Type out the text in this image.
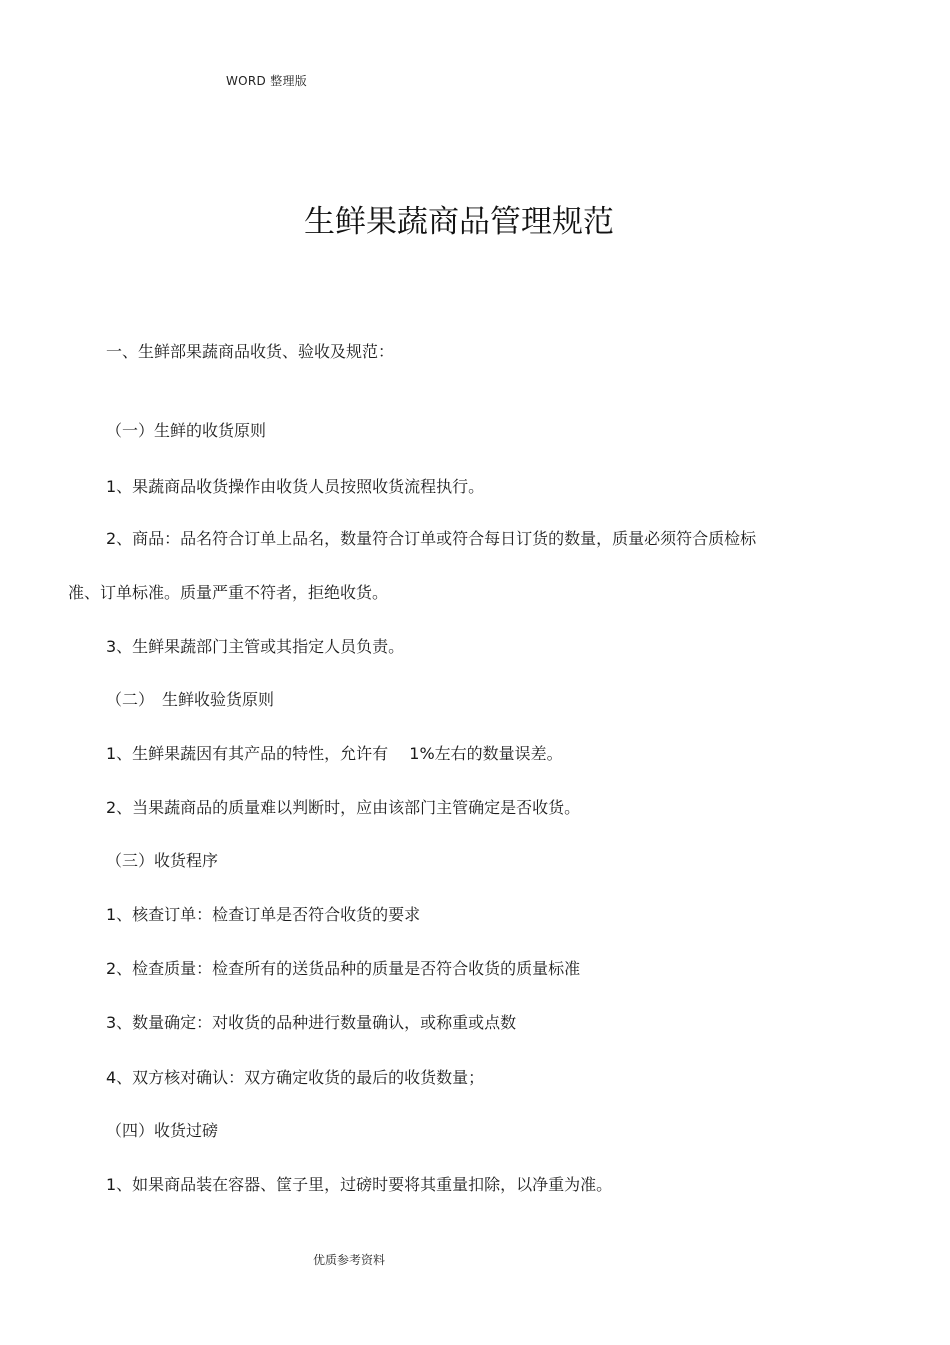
WORD 整理版
生鲜果蔬商品管理规范
一、生鲜部果蔬商品收货、验收及规范：
（一）生鲜的收货原则
1、果蔬商品收货操作由收货人员按照收货流程执行。
2、商品：品名符合订单上品名，数量符合订单或符合每日订货的数量，质量必须符合质检标
准、订单标准。质量严重不符者，拒绝收货。
3、生鲜果蔬部门主管或其指定人员负责。
（二）　生鲜收验货原则
1、生鲜果蔬因有其产品的特性，允许有　 1%左右的数量误差。
2、当果蔬商品的质量难以判断时，应由该部门主管确定是否收货。
（三）收货程序
1、核查订单：检查订单是否符合收货的要求
2、检查质量：检查所有的送货品种的质量是否符合收货的质量标准
3、数量确定：对收货的品种进行数量确认，或称重或点数
4、双方核对确认：双方确定收货的最后的收货数量；
（四）收货过磅
1、如果商品装在容器、筐子里，过磅时要将其重量扣除，以净重为准。
优质参考资料
